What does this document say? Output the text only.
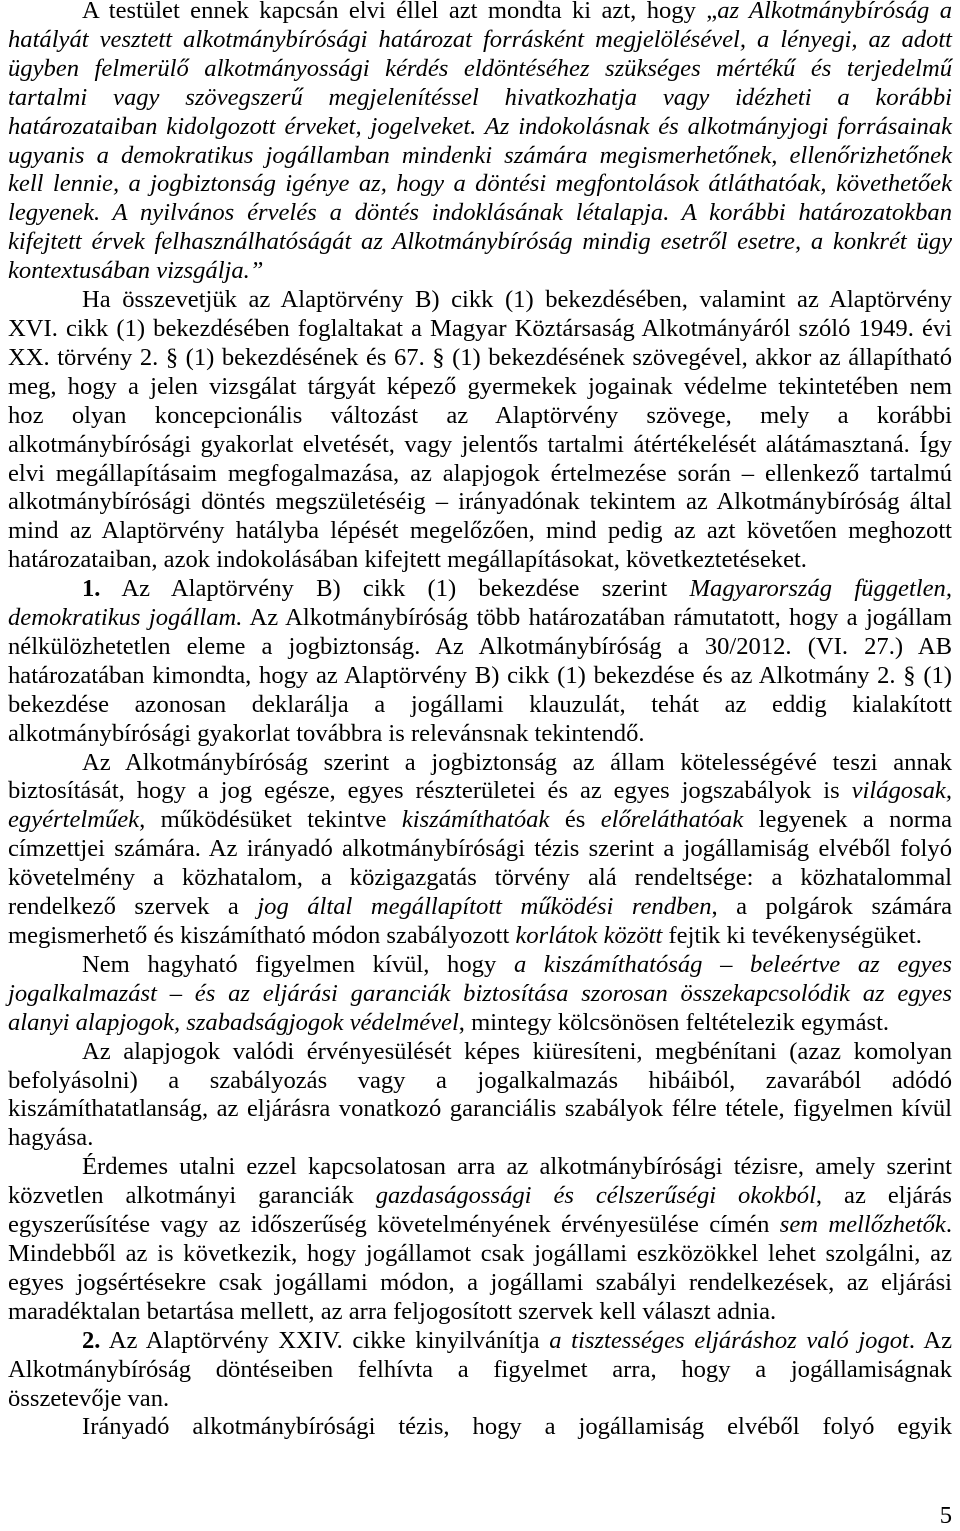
A testület ennek kapcsán elvi éllel azt mondta ki azt, hogy „az Alkotmánybíróság a
hatályát vesztett alkotmánybírósági határozat forrásként megjelölésével, a lényegi, az adott
ügyben felmerülő alkotmányossági kérdés eldöntéséhez szükséges mértékű és terjedelmű
tartalmi vagy szövegszerű megjelenítéssel hivatkozhatja vagy idézheti a korábbi
határozataiban kidolgozott érveket, jogelveket. Az indokolásnak és alkotmányjogi forrásainak
ugyanis a demokratikus jogállamban mindenki számára megismerhetőnek, ellenőrizhetőnek
kell lennie, a jogbiztonság igénye az, hogy a döntési megfontolások átláthatóak, követhetőek
legyenek. A nyilvános érvelés a döntés indoklásának létalapja. A korábbi határozatokban
kifejtett érvek felhasználhatóságát az Alkotmánybíróság mindig esetről esetre, a konkrét ügy
kontextusában vizsgálja.”
Ha összevetjük az Alaptörvény B) cikk (1) bekezdésében, valamint az Alaptörvény
XVI. cikk (1) bekezdésében foglaltakat a Magyar Köztársaság Alkotmányáról szóló 1949. évi
XX. törvény 2. § (1) bekezdésének és 67. § (1) bekezdésének szövegével, akkor az állapítható
meg, hogy a jelen vizsgálat tárgyát képező gyermekek jogainak védelme tekintetében nem
hoz olyan koncepcionális változást az Alaptörvény szövege, mely a korábbi
alkotmánybírósági gyakorlat elvetését, vagy jelentős tartalmi átértékelését alátámasztaná. Így
elvi megállapításaim megfogalmazása, az alapjogok értelmezése során – ellenkező tartalmú
alkotmánybírósági döntés megszületéséig – irányadónak tekintem az Alkotmánybíróság által
mind az Alaptörvény hatályba lépését megelőzően, mind pedig az azt követően meghozott
határozataiban, azok indokolásában kifejtett megállapításokat, következtetéseket.
1. Az Alaptörvény B) cikk (1) bekezdése szerint Magyarország független,
demokratikus jogállam. Az Alkotmánybíróság több határozatában rámutatott, hogy a jogállam
nélkülözhetetlen eleme a jogbiztonság. Az Alkotmánybíróság a 30/2012. (VI. 27.) AB
határozatában kimondta, hogy az Alaptörvény B) cikk (1) bekezdése és az Alkotmány 2. § (1)
bekezdése azonosan deklarálja a jogállami klauzulát, tehát az eddig kialakított
alkotmánybírósági gyakorlat továbbra is relevánsnak tekintendő.
Az Alkotmánybíróság szerint a jogbiztonság az állam kötelességévé teszi annak
biztosítását, hogy a jog egésze, egyes részterületei és az egyes jogszabályok is világosak,
egyértelműek, működésüket tekintve kiszámíthatóak és előreláthatóak legyenek a norma
címzettjei számára. Az irányadó alkotmánybírósági tézis szerint a jogállamiság elvéből folyó
követelmény a közhatalom, a közigazgatás törvény alá rendeltsége: a közhatalommal
rendelkező szervek a jog által megállapított működési rendben, a polgárok számára
megismerhető és kiszámítható módon szabályozott korlátok között fejtik ki tevékenységüket.
Nem hagyható figyelmen kívül, hogy a kiszámíthatóság – beleértve az egyes
jogalkalmazást – és az eljárási garanciák biztosítása szorosan összekapcsolódik az egyes
alanyi alapjogok, szabadságjogok védelmével, mintegy kölcsönösen feltételezik egymást.
Az alapjogok valódi érvényesülését képes kiüresíteni, megbénítani (azaz komolyan
befolyásolni) a szabályozás vagy a jogalkalmazás hibáiból, zavarából adódó
kiszámíthatatlanság, az eljárásra vonatkozó garanciális szabályok félre tétele, figyelmen kívül
hagyása.
Érdemes utalni ezzel kapcsolatosan arra az alkotmánybírósági tézisre, amely szerint
közvetlen alkotmányi garanciák gazdaságossági és célszerűségi okokból, az eljárás
egyszerűsítése vagy az időszerűség követelményének érvényesülése címén sem mellőzhetők.
Mindebből az is következik, hogy jogállamot csak jogállami eszközökkel lehet szolgálni, az
egyes jogsértésekre csak jogállami módon, a jogállami szabályi rendelkezések, az eljárási
maradéktalan betartása mellett, az arra feljogosított szervek kell választ adnia.
2. Az Alaptörvény XXIV. cikke kinyilvánítja a tisztességes eljáráshoz való jogot. Az
Alkotmánybíróság döntéseiben felhívta a figyelmet arra, hogy a jogállamiságnak
összetevője van.
Irányadó alkotmánybírósági tézis, hogy a jogállamiság elvéből folyó egyik
5
